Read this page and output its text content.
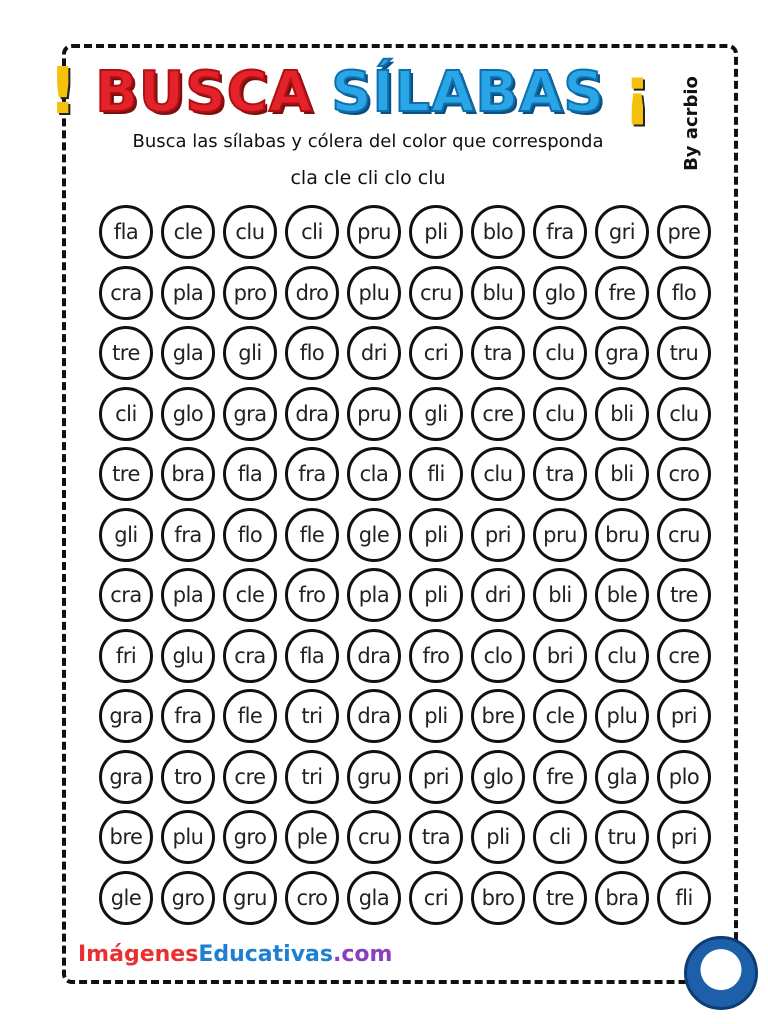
! BUSCA SÍLABAS ¡ By acrbio
Busca las sílabas y cólera del color que corresponda
cla cle cli clo clu
fla	cle	clu	cli	pru	pli	blo	fra	gri	pre
cra	pla	pro	dro	plu	cru	blu	glo	fre	flo
tre	gla	gli	flo	dri	cri	tra	clu	gra	tru
cli	glo	gra	dra	pru	gli	cre	clu	bli	clu
tre	bra	fla	fra	cla	fli	clu	tra	bli	cro
gli	fra	flo	fle	gle	pli	pri	pru	bru	cru
cra	pla	cle	fro	pla	pli	dri	bli	ble	tre
fri	glu	cra	fla	dra	fro	clo	bri	clu	cre
gra	fra	fle	tri	dra	pli	bre	cle	plu	pri
gra	tro	cre	tri	gru	pri	glo	fre	gla	plo
bre	plu	gro	ple	cru	tra	pli	cli	tru	pri
gle	gro	gru	cro	gla	cri	bro	tre	bra	fli
ImágenesEducativas.com
